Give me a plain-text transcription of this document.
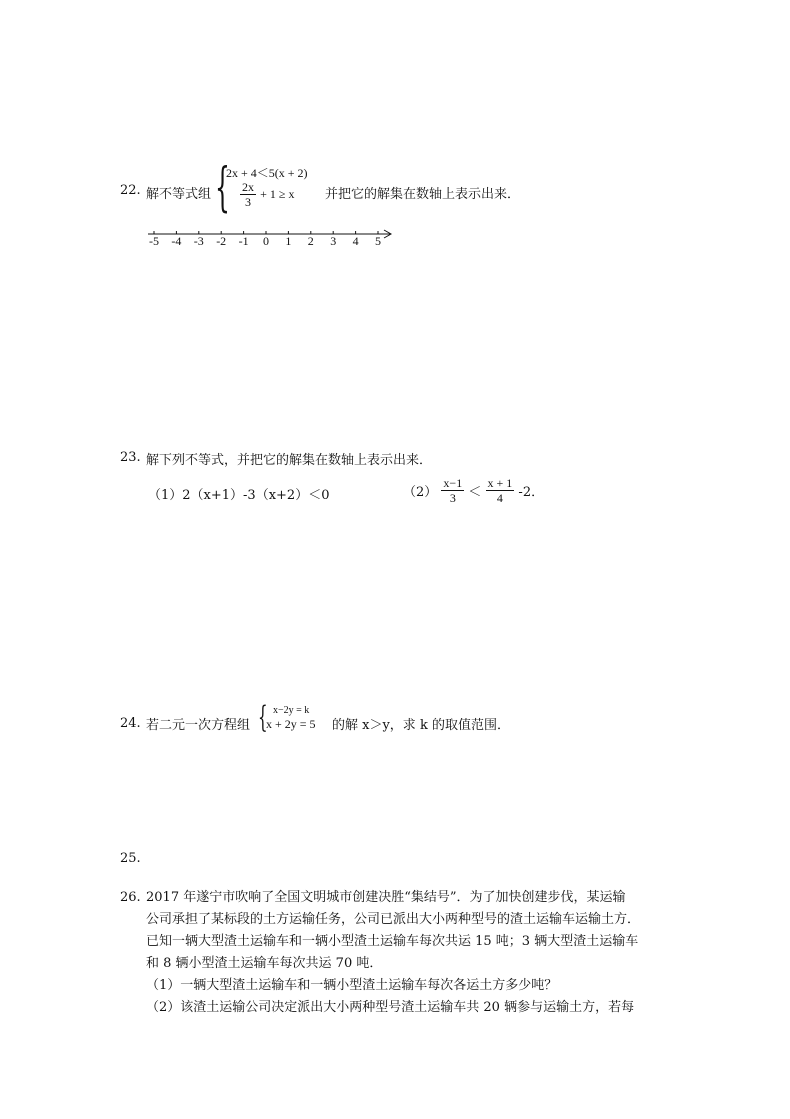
22. 解不等式组 {
2x + 4＜5(x + 2)
$\frac{2x}{3} + 1 \ge x$ 并把它的解集在数轴上表示出来．
-5	-4	-3	-2	-1	0	1	2	3	4	5
23. 解下列不等式，并把它的解集在数轴上表示出来．
（1）2（x+1）-3（x+2）＜0	$(2) \frac{x-1}{3} < \frac{x + 1}{4} -2$．
24. 若二元一次方程组 { x−2y = k
x + 2y = 5 的解 x＞y，求 k 的取值范围．
25.
26. 2017 年遂宁市吹响了全国文明城市创建决胜“集结号”．为了加快创建步伐，某运输
公司承担了某标段的土方运输任务，公司已派出大小两种型号的渣土运输车运输土方．
已知一辆大型渣土运输车和一辆小型渣土运输车每次共运 15 吨；3 辆大型渣土运输车
和 8 辆小型渣土运输车每次共运 70 吨．
（1）一辆大型渣土运输车和一辆小型渣土运输车每次各运土方多少吨？
（2）该渣土运输公司决定派出大小两种型号渣土运输车共 20 辆参与运输土方，若每
